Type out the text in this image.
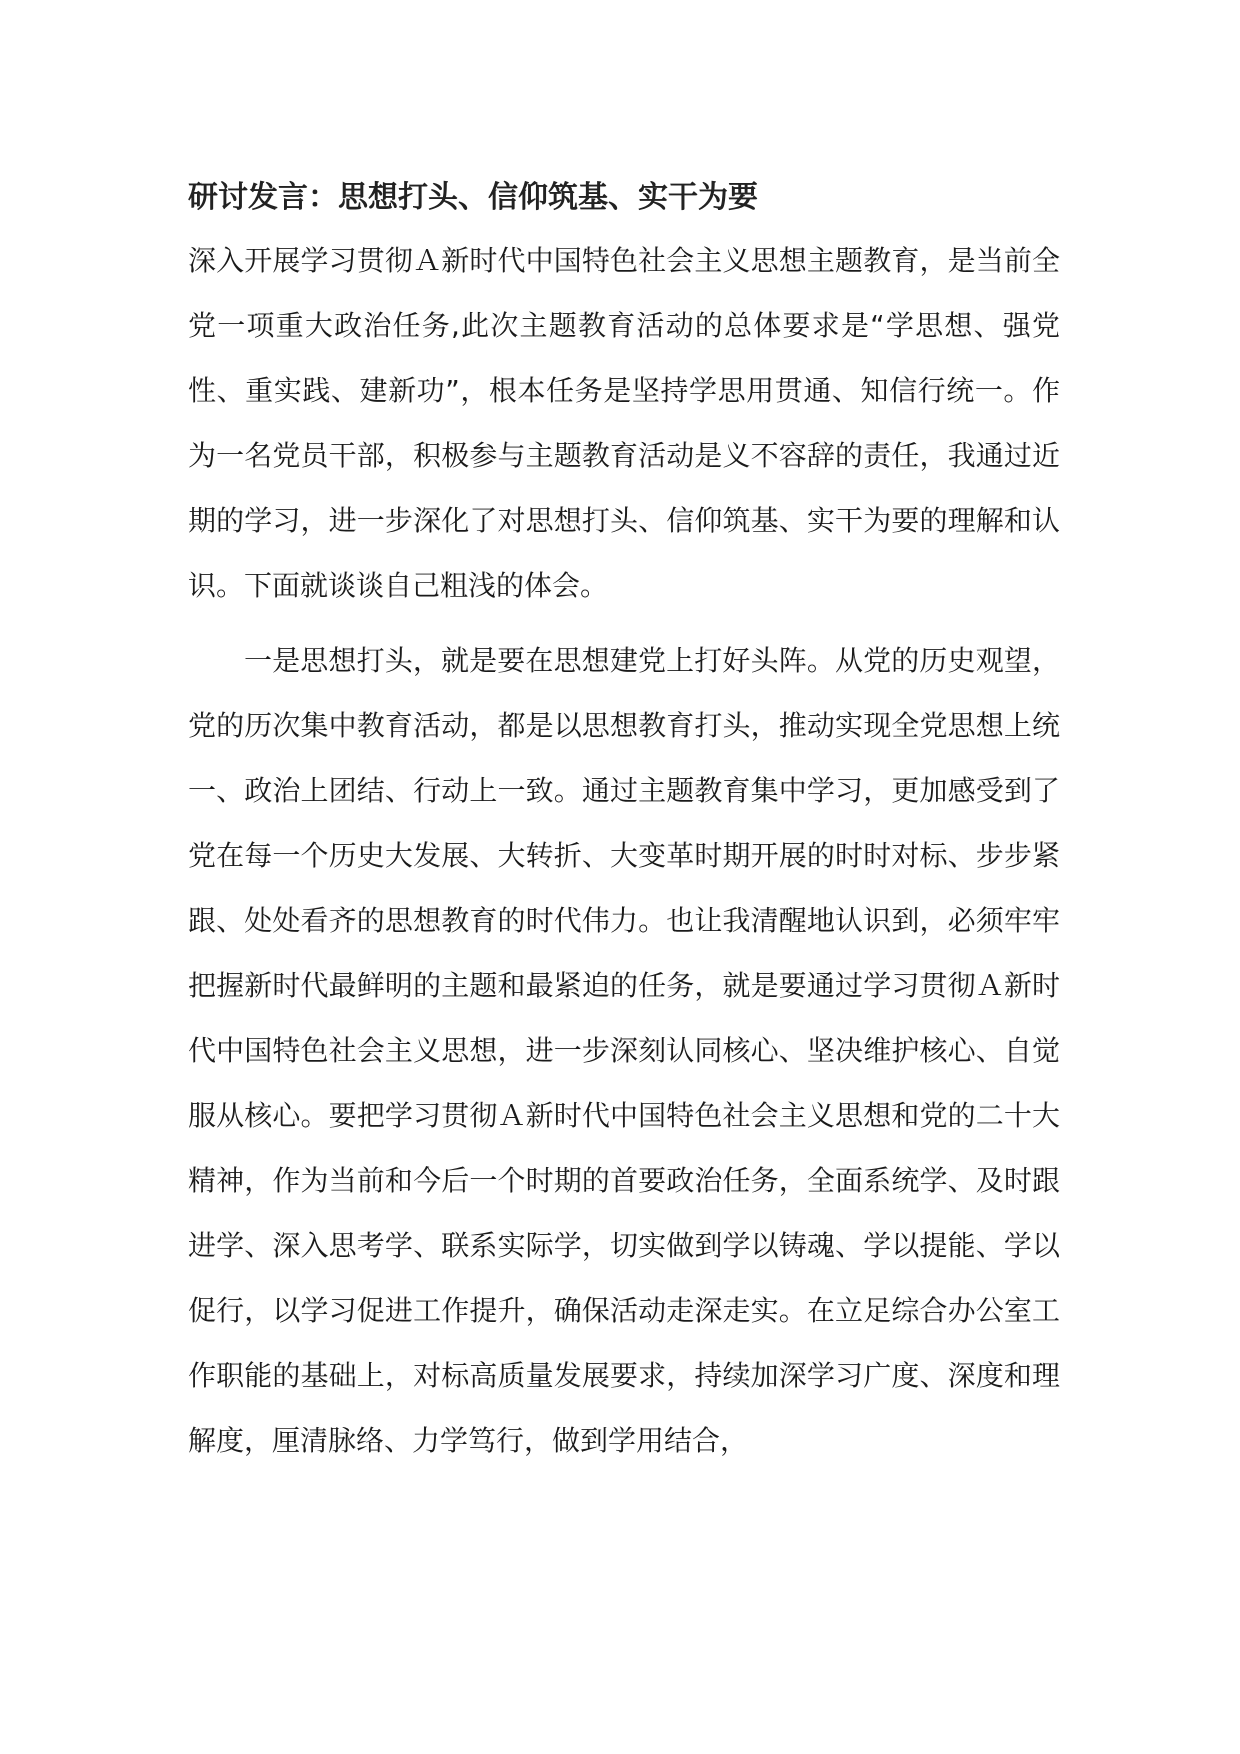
研讨发言：思想打头、信仰筑基、实干为要

深入开展学习贯彻Ａ新时代中国特色社会主义思想主题教育，是当前全党一项重大政治任务,此次主题教育活动的总体要求是“学思想、强党性、重实践、建新功”，根本任务是坚持学思用贯通、知信行统一。作为一名党员干部，积极参与主题教育活动是义不容辞的责任，我通过近期的学习，进一步深化了对思想打头、信仰筑基、实干为要的理解和认识。下面就谈谈自己粗浅的体会。

一是思想打头，就是要在思想建党上打好头阵。从党的历史观望，党的历次集中教育活动，都是以思想教育打头，推动实现全党思想上统一、政治上团结、行动上一致。通过主题教育集中学习，更加感受到了党在每一个历史大发展、大转折、大变革时期开展的时时对标、步步紧跟、处处看齐的思想教育的时代伟力。也让我清醒地认识到，必须牢牢把握新时代最鲜明的主题和最紧迫的任务，就是要通过学习贯彻Ａ新时代中国特色社会主义思想，进一步深刻认同核心、坚决维护核心、自觉服从核心。要把学习贯彻Ａ新时代中国特色社会主义思想和党的二十大精神，作为当前和今后一个时期的首要政治任务，全面系统学、及时跟进学、深入思考学、联系实际学，切实做到学以铸魂、学以提能、学以促行，以学习促进工作提升，确保活动走深走实。在立足综合办公室工作职能的基础上，对标高质量发展要求，持续加深学习广度、深度和理解度，厘清脉络、力学笃行，做到学用结合，
